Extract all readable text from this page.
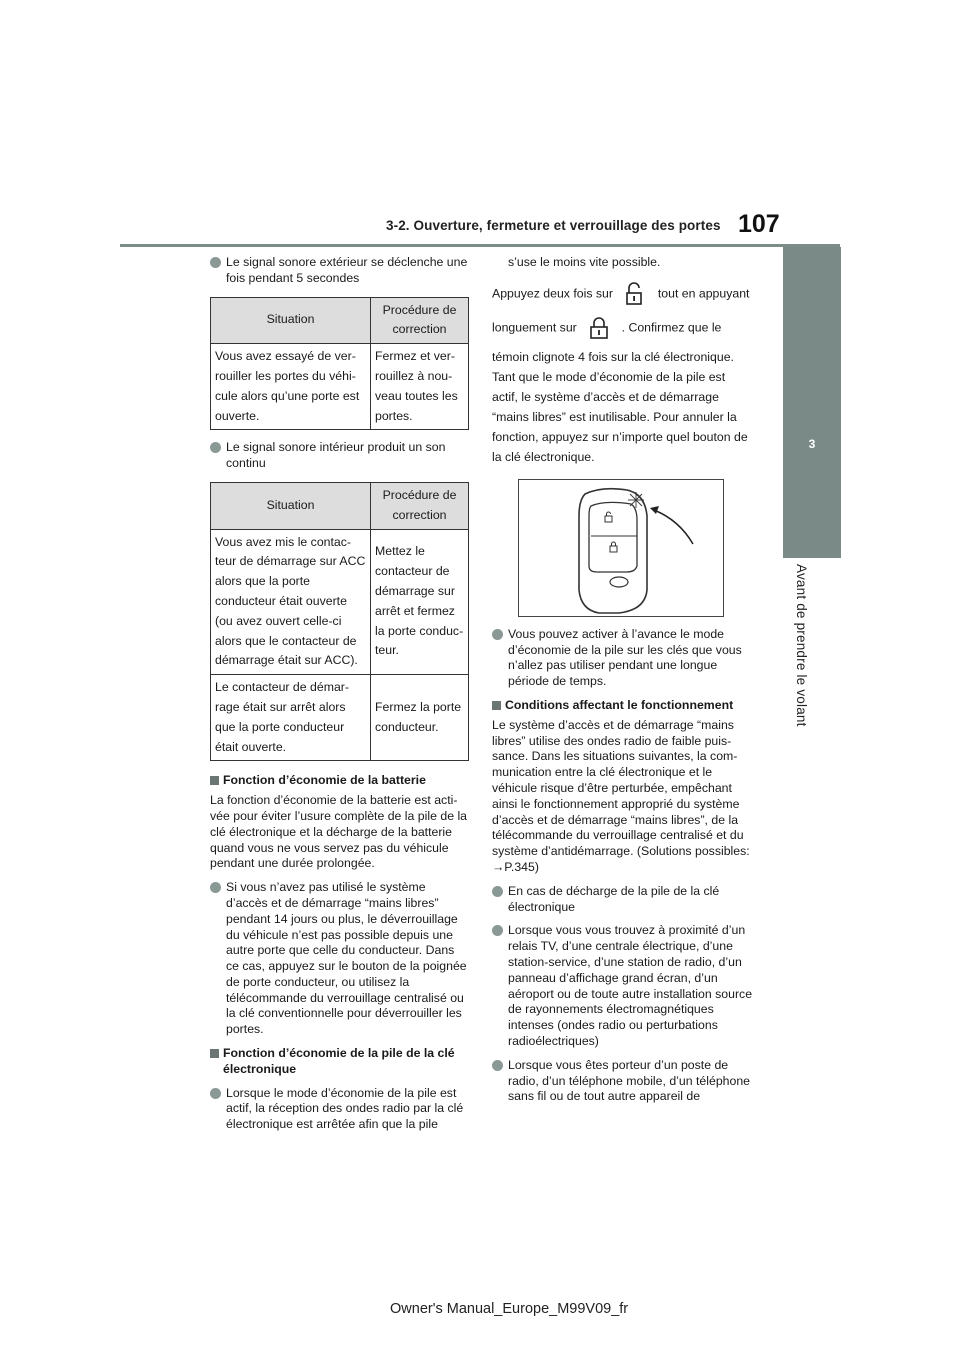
3-2. Ouverture, fermeture et verrouillage des portes 107
3
Avant de prendre le volant
Le signal sonore extérieur se déclenche une fois pendant 5 secondes
Situation	Procédure de correction
Vous avez essayé de verrouiller les portes du véhicule alors qu’une porte est ouverte.	Fermez et verrouillez à nouveau toutes les portes.
Le signal sonore intérieur produit un son continu
Situation	Procédure de correction
Vous avez mis le contacteur de démarrage sur ACC alors que la porte conducteur était ouverte (ou avez ouvert celle-ci alors que le contacteur de démarrage était sur ACC).	Mettez le contacteur de démarrage sur arrêt et fermez la porte conducteur.
Le contacteur de démarrage était sur arrêt alors que la porte conducteur était ouverte.	Fermez la porte conducteur.
Fonction d’économie de la batterie

La fonction d’économie de la batterie est activée pour éviter l’usure complète de la pile de la clé électronique et la décharge de la batterie quand vous ne vous servez pas du véhicule pendant une durée prolongée.

Si vous n’avez pas utilisé le système d’accès et de démarrage “mains libres” pendant 14 jours ou plus, le déverrouillage du véhicule n’est pas possible depuis une autre porte que celle du conducteur. Dans ce cas, appuyez sur le bouton de la poignée de porte conducteur, ou utilisez la télécommande du verrouillage centralisé ou la clé conventionnelle pour déverrouiller les portes.
Fonction d’économie de la pile de la clé électronique
Lorsque le mode d’économie de la pile est actif, la réception des ondes radio par la clé électronique est arrêtée afin que la pile

s’use le moins vite possible.

Appuyez deux fois sur	tout en appuyant

longuement sur	. Confirmez que le

témoin clignote 4 fois sur la clé électronique. Tant que le mode d’économie de la pile est actif, le système d’accès et de démarrage “mains libres” est inutilisable. Pour annuler la fonction, appuyez sur n’importe quel bouton de la clé électronique.

Vous pouvez activer à l’avance le mode d’économie de la pile sur les clés que vous n’allez pas utiliser pendant une longue période de temps.
Conditions affectant le fonctionnement

Le système d’accès et de démarrage “mains libres” utilise des ondes radio de faible puissance. Dans les situations suivantes, la communication entre la clé électronique et le véhicule risque d’être perturbée, empêchant ainsi le fonctionnement approprié du système d’accès et de démarrage “mains libres”, de la télécommande du verrouillage centralisé et du système d’antidémarrage. (Solutions possibles: →P.345)

En cas de décharge de la pile de la clé électronique
Lorsque vous vous trouvez à proximité d’un relais TV, d’une centrale électrique, d’une station-service, d’une station de radio, d’un panneau d’affichage grand écran, d’un aéroport ou de toute autre installation source de rayonnements électromagnétiques intenses (ondes radio ou perturbations radioélectriques)
Lorsque vous êtes porteur d’un poste de radio, d’un téléphone mobile, d’un téléphone sans fil ou de tout autre appareil de
Owner's Manual_Europe_M99V09_fr
